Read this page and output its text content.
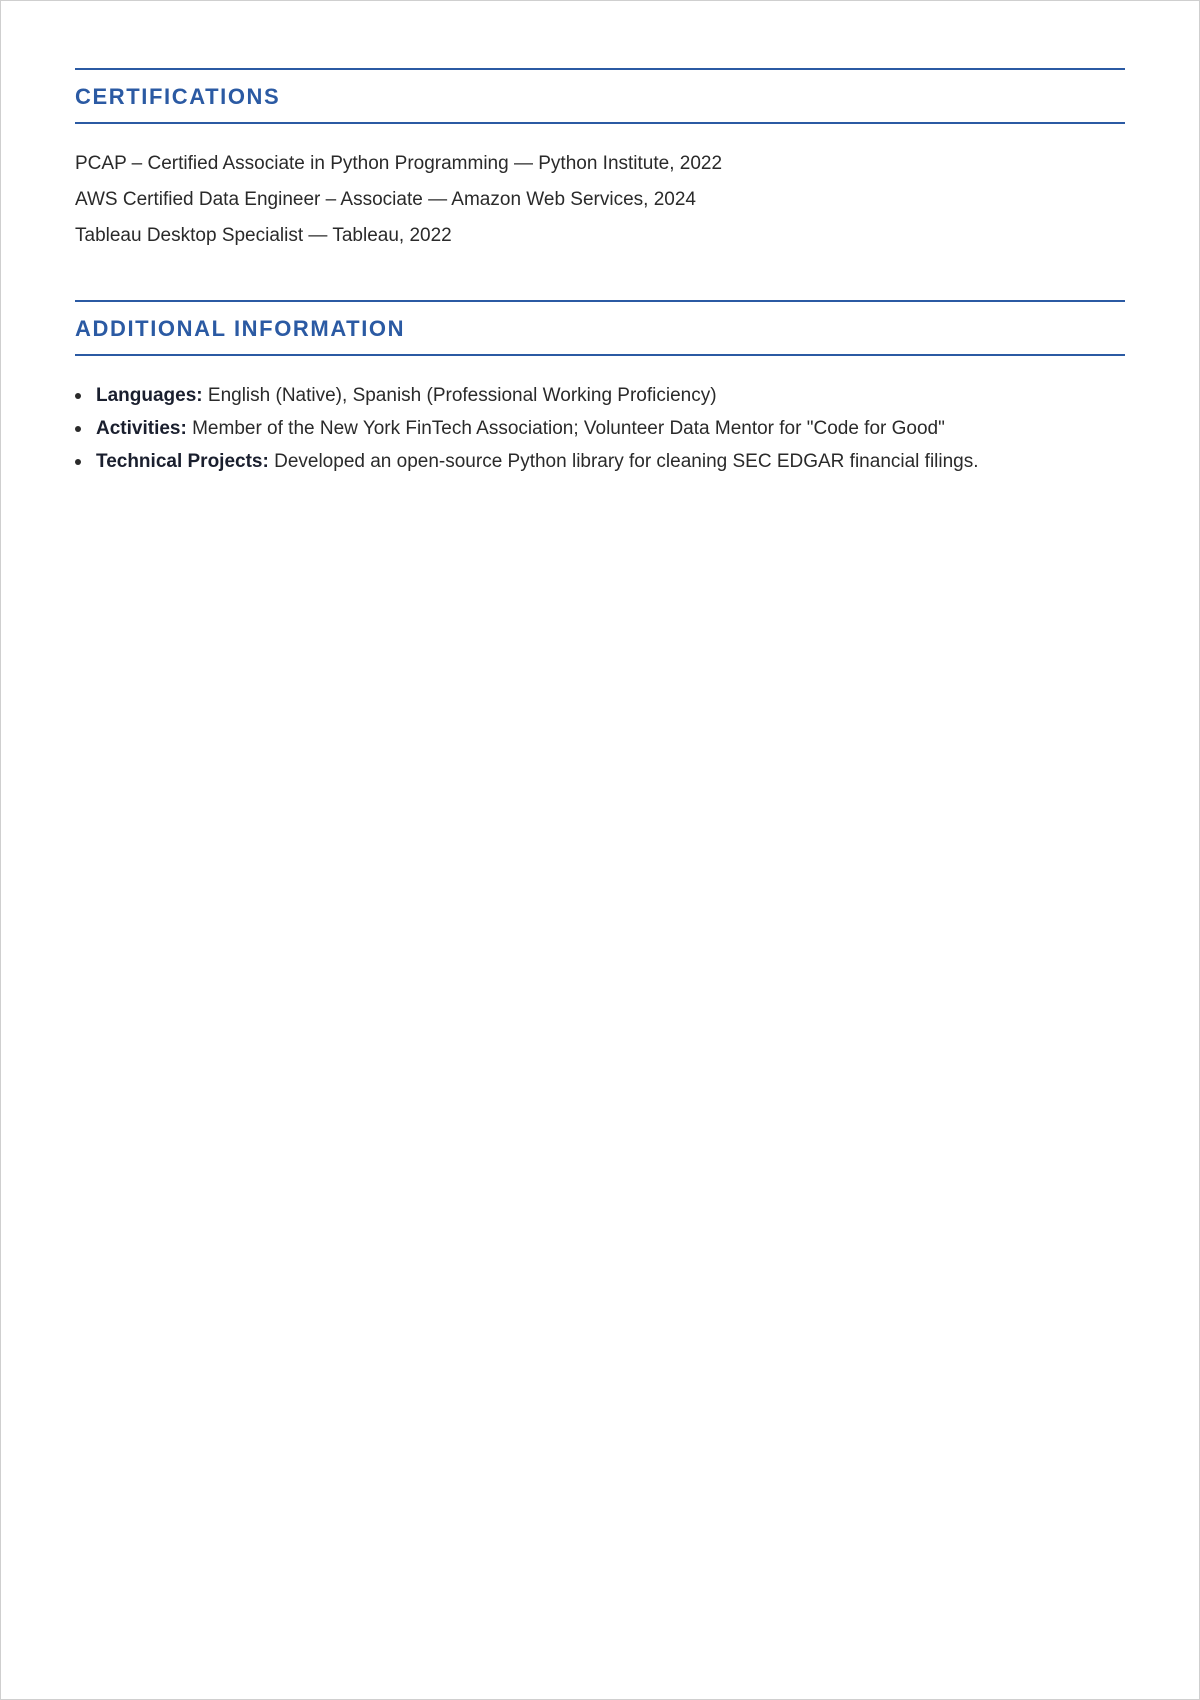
CERTIFICATIONS
PCAP – Certified Associate in Python Programming — Python Institute, 2022
AWS Certified Data Engineer – Associate — Amazon Web Services, 2024
Tableau Desktop Specialist — Tableau, 2022
ADDITIONAL INFORMATION
Languages: English (Native), Spanish (Professional Working Proficiency)
Activities: Member of the New York FinTech Association; Volunteer Data Mentor for "Code for Good"
Technical Projects: Developed an open-source Python library for cleaning SEC EDGAR financial filings.
